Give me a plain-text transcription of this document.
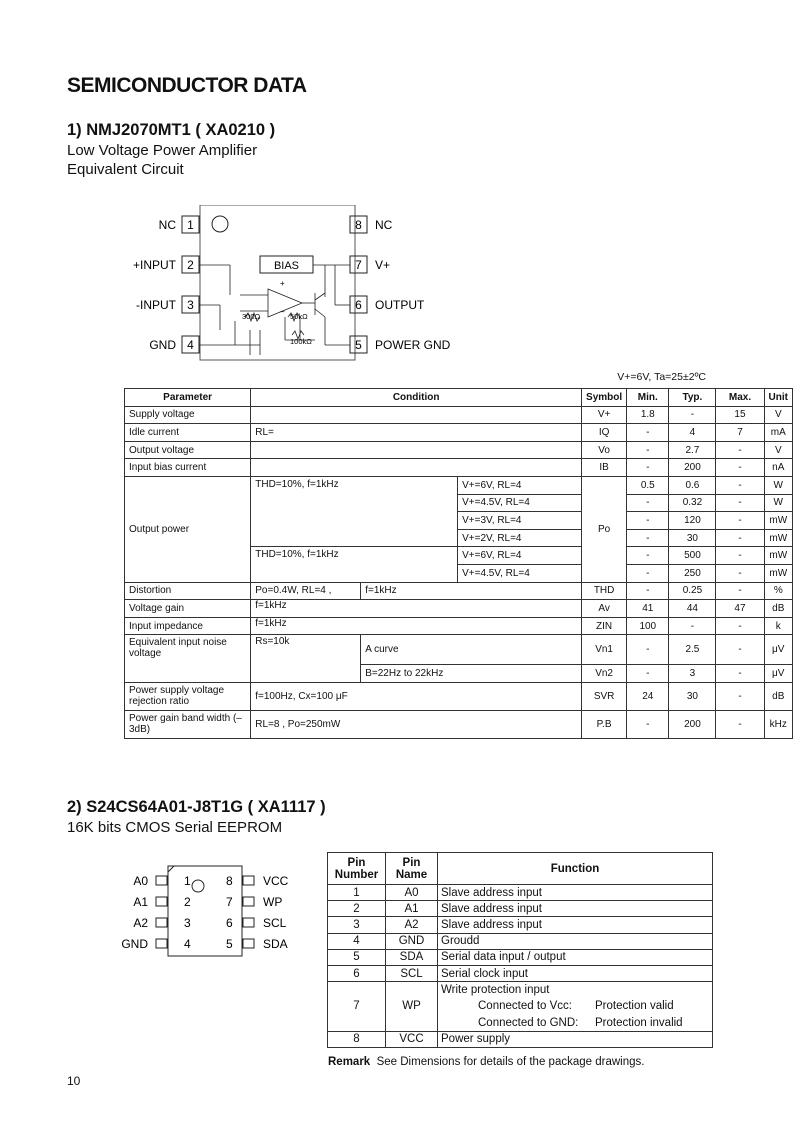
SEMICONDUCTOR DATA
1) NMJ2070MT1 ( XA0210 )
Low Voltage Power Amplifier
Equivalent Circuit
1
2
3
4
8
7
6
5
NC
+INPUT
-INPUT
GND
NC
V+
OUTPUT
POWER GND
BIAS
+
–
300Ω	50kΩ
100kΩ
V+=6V, Ta=25±2ºC
Parameter	Condition			Symbol	Min.	Typ.	Max.	Unit
Supply voltage				V+	1.8	-	15	V
Idle current	RL=			IQ	-	4	7	mA
Output voltage				Vo	-	2.7	-	V
Input bias current				IB	-	200	-	nA
Output power	THD=10%, f=1kHz		V+=6V, RL=4	Po	0.5	0.6	-	W
			V+=4.5V, RL=4		-	0.32	-	W
			V+=3V, RL=4		-	120	-	mW
			V+=2V, RL=4		-	30	-	mW
	THD=10%, f=1kHz		V+=6V, RL=4		-	500	-	mW
			V+=4.5V, RL=4		-	250	-	mW
Distortion	Po=0.4W, RL=4 ,	f=1kHz		THD	-	0.25	-	%
Voltage gain	f=1kHz			Av	41	44	47	dB
Input impedance	f=1kHz			ZIN	100	-	-	k
Equivalent input noise voltage	Rs=10k	A curve		Vn1	-	2.5	-	μV
		B=22Hz to 22kHz		Vn2	-	3	-	μV
Power supply voltage rejection ratio	f=100Hz, Cx=100 μF			SVR	24	30	-	dB
Power gain band width (–3dB)	RL=8 , Po=250mW			P.B	-	200	-	kHz
2) S24CS64A01-J8T1G ( XA1117 )
16K bits CMOS Serial EEPROM
1
2
3
4
8
7
6
5
A0
A1
A2
GND
VCC
WP
SCL
SDA
Pin Number	Pin Name	Function
1	A0	Slave address input
2	A1	Slave address input
3	A2	Slave address input
4	GND	Groudd
5	SDA	Serial data input / output
6	SCL	Serial clock input
7	WP	Write protection input
Connected to Vcc: Protection valid
Connected to GND: Protection invalid

8	VCC	Power supply
Remark See Dimensions for details of the package drawings.
10
